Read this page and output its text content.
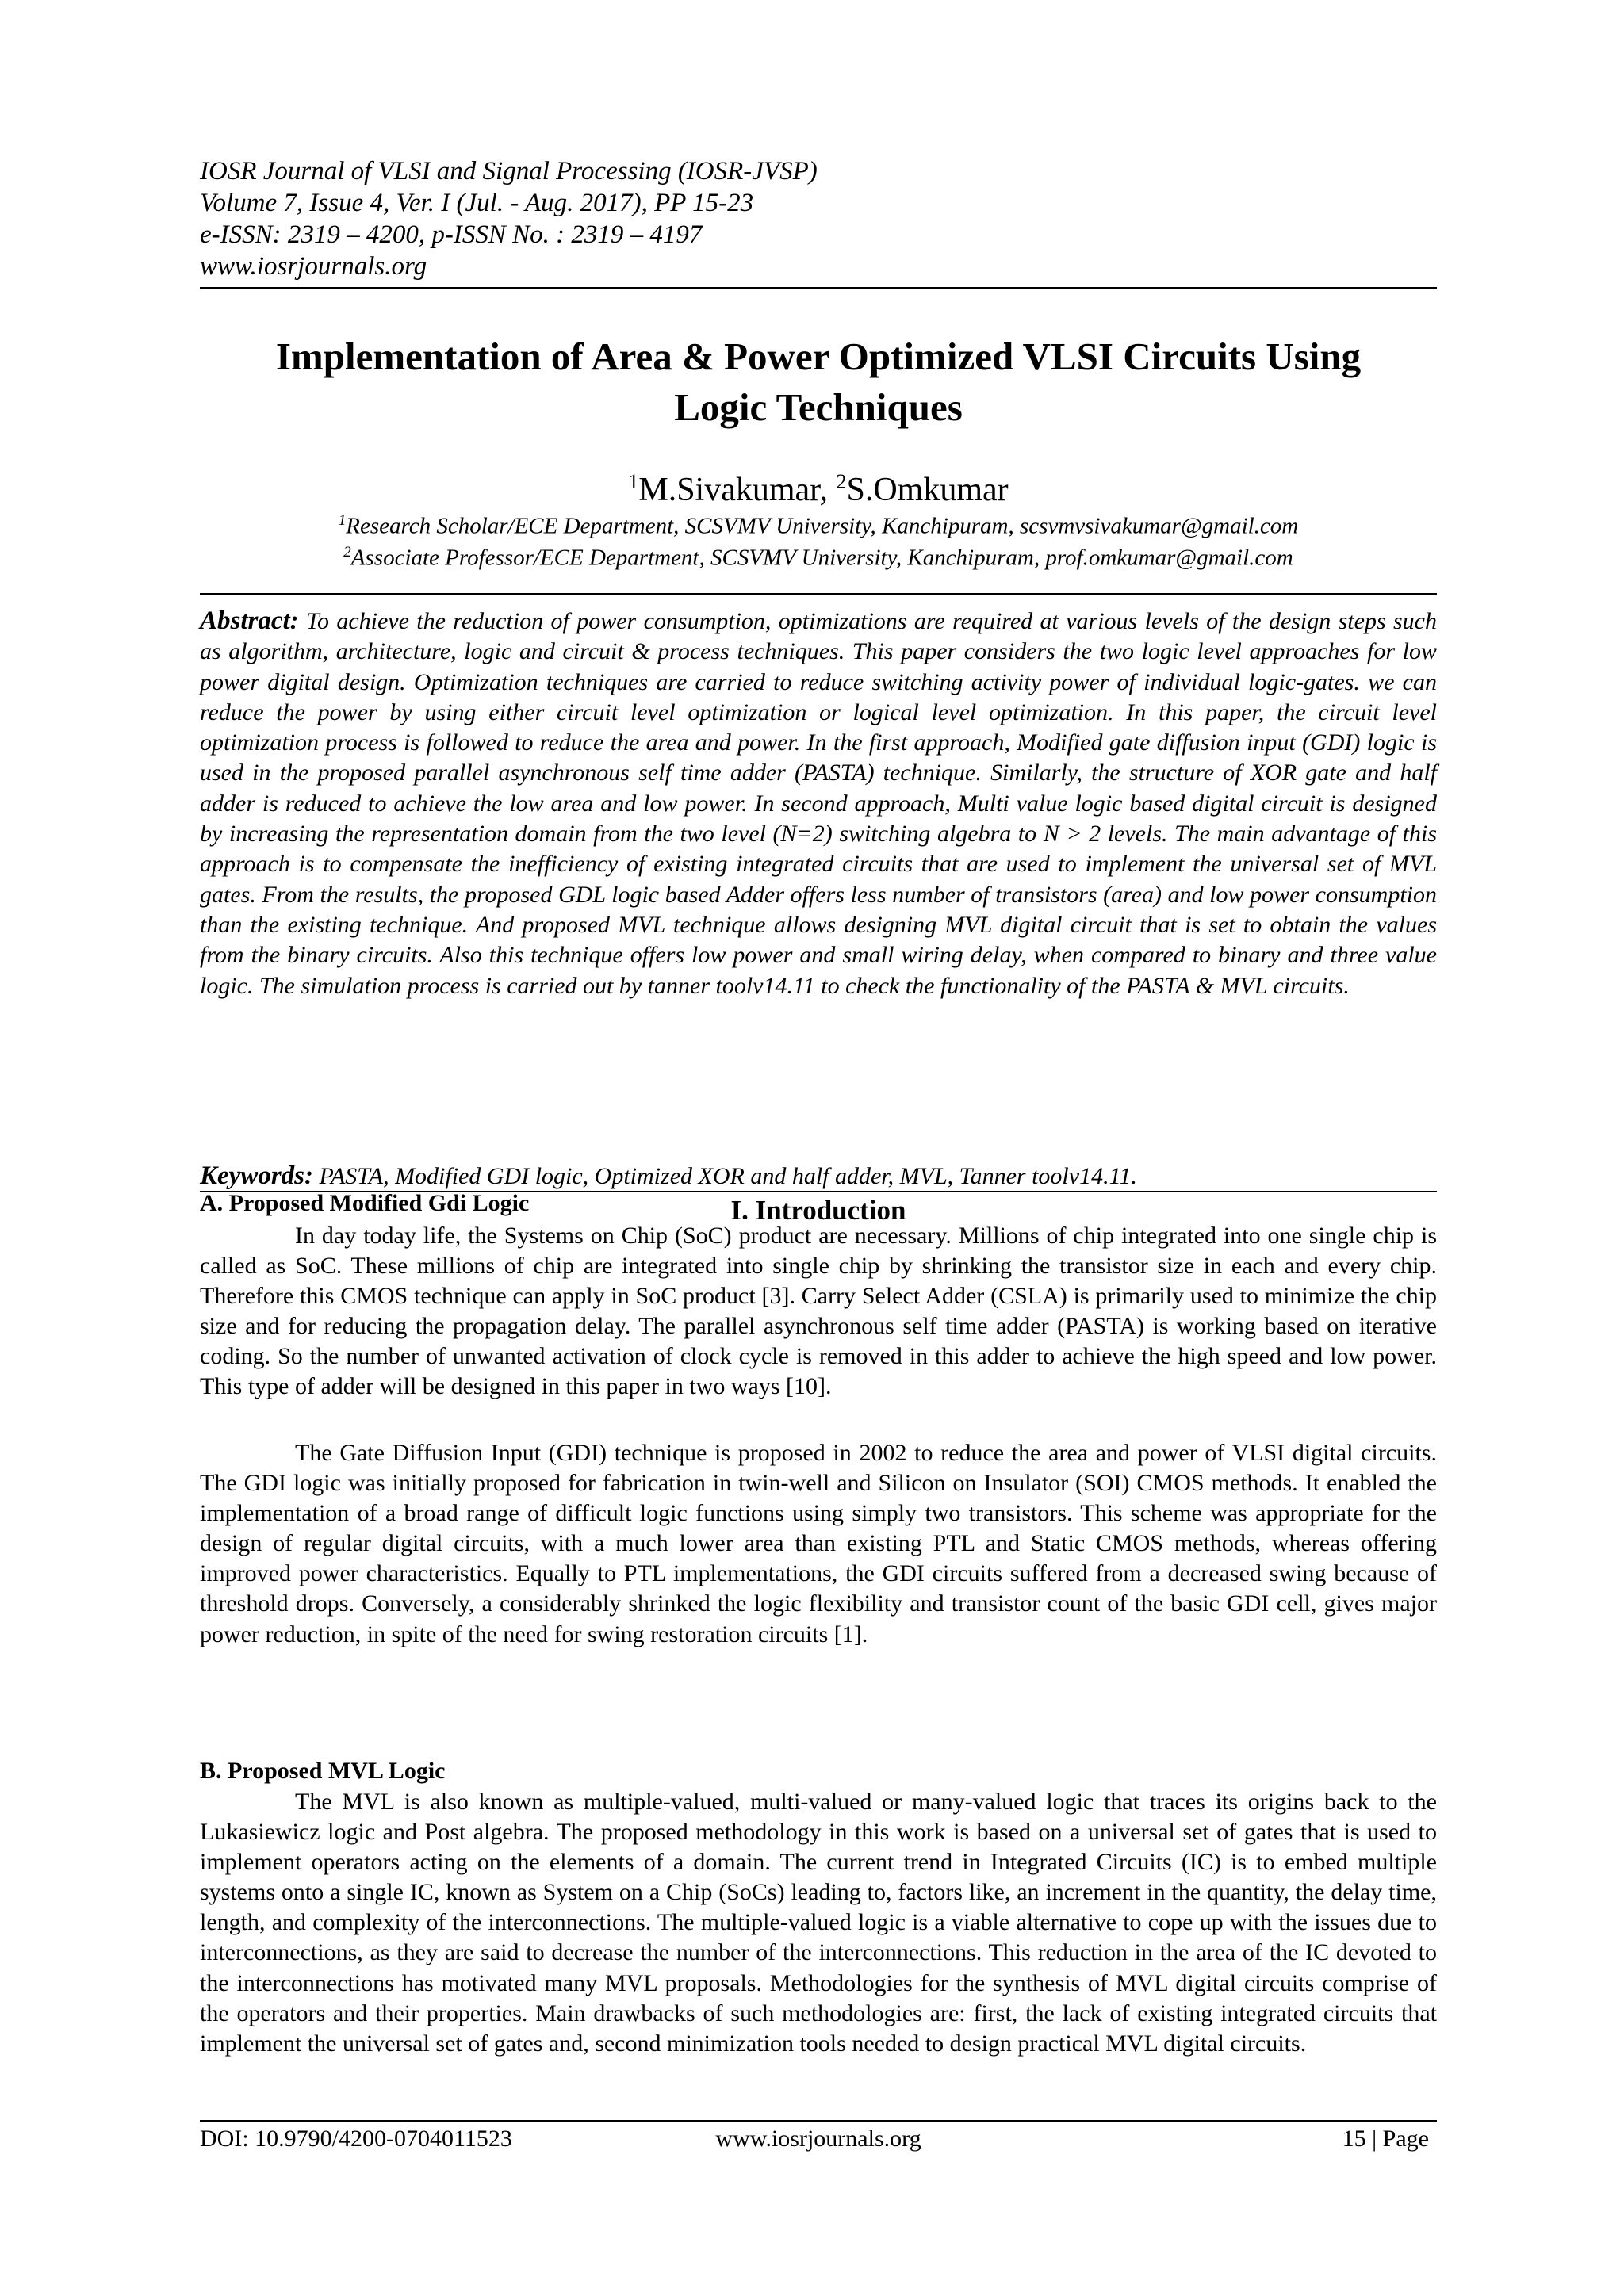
IOSR Journal of VLSI and Signal Processing (IOSR-JVSP)
Volume 7, Issue 4, Ver. I (Jul. - Aug. 2017), PP 15-23
e-ISSN: 2319 – 4200, p-ISSN No. : 2319 – 4197
www.iosrjournals.org
Implementation of Area & Power Optimized VLSI Circuits Using
Logic Techniques
$^1$M.Sivakumar, $^2$S.Omkumar
$^1$Research Scholar/ECE Department, SCSVMV University, Kanchipuram, scsvmvsivakumar@gmail.com
$^2$Associate Professor/ECE Department, SCSVMV University, Kanchipuram, prof.omkumar@gmail.com

Abstract: To achieve the reduction of power consumption, optimizations are required at various levels of the design steps such as algorithm, architecture, logic and circuit & process techniques. This paper considers the two logic level approaches for low power digital design. Optimization techniques are carried to reduce switching activity power of individual logic-gates. we can reduce the power by using either circuit level optimization or logical level optimization. In this paper, the circuit level optimization process is followed to reduce the area and power. In the first approach, Modified gate diffusion input (GDI) logic is used in the proposed parallel asynchronous self time adder (PASTA) technique. Similarly, the structure of XOR gate and half adder is reduced to achieve the low area and low power. In second approach, Multi value logic based digital circuit is designed by increasing the representation domain from the two level (N=2) switching algebra to N > 2 levels. The main advantage of this approach is to compensate the inefficiency of existing integrated circuits that are used to implement the universal set of MVL gates. From the results, the proposed GDL logic based Adder offers less number of transistors (area) and low power consumption than the existing technique. And proposed MVL technique allows designing MVL digital circuit that is set to obtain the values from the binary circuits. Also this technique offers low power and small wiring delay, when compared to binary and three value logic. The simulation process is carried out by tanner toolv14.11 to check the functionality of the PASTA & MVL circuits.

Keywords: PASTA, Modified GDI logic, Optimized XOR and half adder, MVL, Tanner toolv14.11.

I. Introduction
A. Proposed Modified Gdi Logic

In day today life, the Systems on Chip (SoC) product are necessary. Millions of chip integrated into one single chip is called as SoC. These millions of chip are integrated into single chip by shrinking the transistor size in each and every chip. Therefore this CMOS technique can apply in SoC product [3]. Carry Select Adder (CSLA) is primarily used to minimize the chip size and for reducing the propagation delay. The parallel asynchronous self time adder (PASTA) is working based on iterative coding. So the number of unwanted activation of clock cycle is removed in this adder to achieve the high speed and low power. This type of adder will be designed in this paper in two ways [10].

The Gate Diffusion Input (GDI) technique is proposed in 2002 to reduce the area and power of VLSI digital circuits. The GDI logic was initially proposed for fabrication in twin-well and Silicon on Insulator (SOI) CMOS methods. It enabled the implementation of a broad range of difficult logic functions using simply two transistors. This scheme was appropriate for the design of regular digital circuits, with a much lower area than existing PTL and Static CMOS methods, whereas offering improved power characteristics. Equally to PTL implementations, the GDI circuits suffered from a decreased swing because of threshold drops. Conversely, a considerably shrinked the logic flexibility and transistor count of the basic GDI cell, gives major power reduction, in spite of the need for swing restoration circuits [1].

B. Proposed MVL Logic

The MVL is also known as multiple-valued, multi-valued or many-valued logic that traces its origins back to the Lukasiewicz logic and Post algebra. The proposed methodology in this work is based on a universal set of gates that is used to implement operators acting on the elements of a domain. The current trend in Integrated Circuits (IC) is to embed multiple systems onto a single IC, known as System on a Chip (SoCs) leading to, factors like, an increment in the quantity, the delay time, length, and complexity of the interconnections. The multiple-valued logic is a viable alternative to cope up with the issues due to interconnections, as they are said to decrease the number of the interconnections. This reduction in the area of the IC devoted to the interconnections has motivated many MVL proposals. Methodologies for the synthesis of MVL digital circuits comprise of the operators and their properties. Main drawbacks of such methodologies are: first, the lack of existing integrated circuits that implement the universal set of gates and, second minimization tools needed to design practical MVL digital circuits.

DOI: 10.9790/4200-0704011523	www.iosrjournals.org	15 | Page
